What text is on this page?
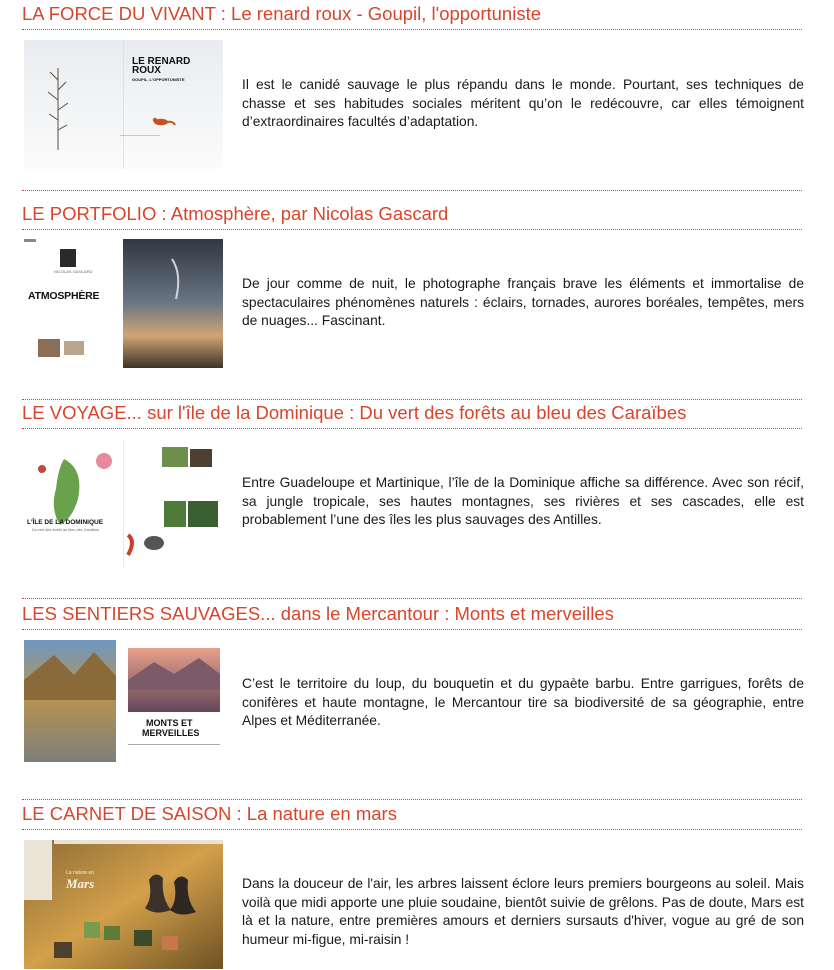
LA FORCE DU VIVANT : Le renard roux - Goupil, l'opportuniste
LE RENARD
ROUX
GOUPIL, L'OPPORTUNISTE	Il est le canidé sauvage le plus répandu dans le monde. Pourtant, ses techniques de chasse et ses habitudes sociales méritent qu’on le redécouvre, car elles témoignent d’extraordinaires facultés d’adaptation.
LE PORTFOLIO : Atmosphère, par Nicolas Gascard
NICOLAS GASCARD
ATMOSPHÈRE
De jour comme de nuit, le photographe français brave les éléments et immortalise de spectaculaires phénomènes naturels : éclairs, tornades, aurores boréales, tempêtes, mers de nuages... Fascinant.
LE VOYAGE... sur l'île de la Dominique : Du vert des forêts au bleu des Caraïbes
L'ÎLE DE LA DOMINIQUE
Du vert des forêts au bleu des Caraïbes
Entre Guadeloupe et Martinique, l’île de la Dominique affiche sa différence. Avec son récif, sa jungle tropicale, ses hautes montagnes, ses rivières et ses cascades, elle est probablement l’une des îles les plus sauvages des Antilles.
LES SENTIERS SAUVAGES... dans le Mercantour : Monts et merveilles
MONTS ET
MERVEILLES
C’est le territoire du loup, du bouquetin et du gypaète barbu. Entre garrigues, forêts de conifères et haute montagne, le Mercantour tire sa biodiversité de sa géographie, entre Alpes et Méditerranée.
LE CARNET DE SAISON : La nature en mars
La nature en
Mars	Dans la douceur de l'air, les arbres laissent éclore leurs premiers bourgeons au soleil. Mais voilà que midi apporte une pluie soudaine, bientôt suivie de grêlons. Pas de doute, Mars est là et la nature, entre premières amours et derniers sursauts d'hiver, vogue au gré de son humeur mi-figue, mi-raisin !
